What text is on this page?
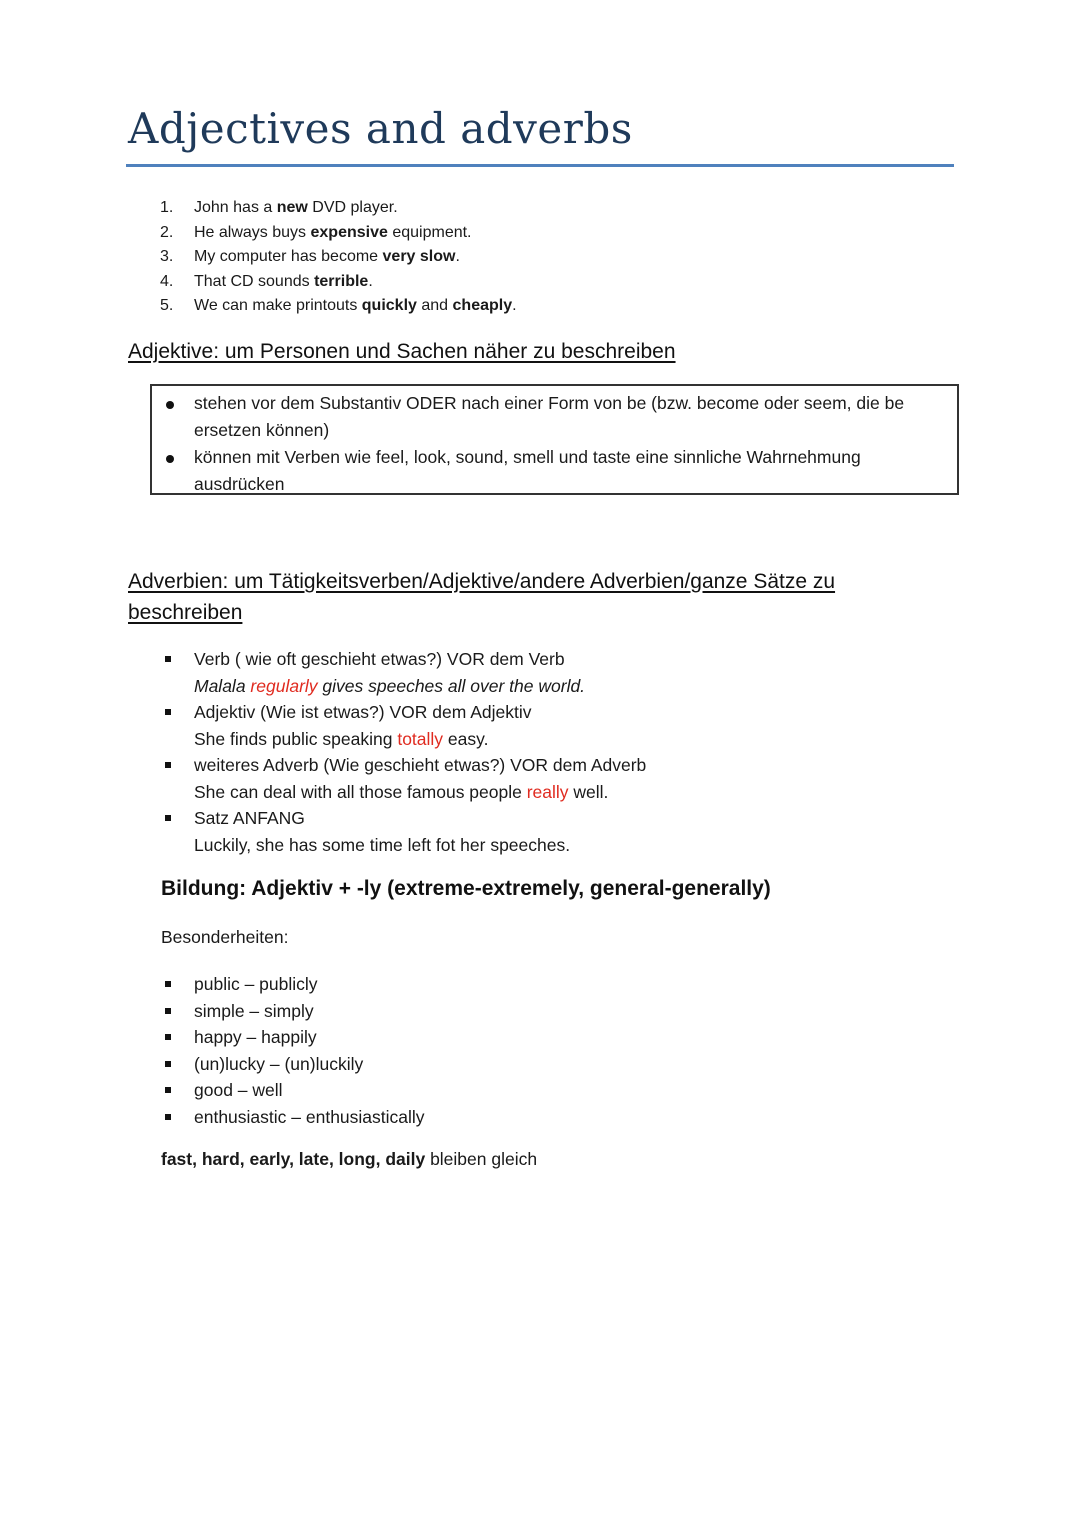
Adjectives and adverbs
1.	John has a new DVD player.
2.	He always buys expensive equipment.
3.	My computer has become very slow.
4.	That CD sounds terrible.
5.	We can make printouts quickly and cheaply.
Adjektive: um Personen und Sachen näher zu beschreiben
stehen vor dem Substantiv ODER nach einer Form von be (bzw. become oder seem, die be ersetzen können)
können mit Verben wie feel, look, sound, smell und taste eine sinnliche Wahrnehmung ausdrücken
Adverbien: um Tätigkeitsverben/Adjektive/andere Adverbien/ganze Sätze zu
beschreiben
Verb ( wie oft geschieht etwas?) VOR dem Verb
Malala regularly gives speeches all over the world.
Adjektiv (Wie ist etwas?) VOR dem Adjektiv
She finds public speaking totally easy.
weiteres Adverb (Wie geschieht etwas?) VOR dem Adverb
She can deal with all those famous people really well.
Satz ANFANG
Luckily, she has some time left fot her speeches.

Bildung: Adjektiv + -ly (extreme-extremely, general-generally)

Besonderheiten:

public – publicly
simple – simply
happy – happily
(un)lucky – (un)luckily
good – well
enthusiastic – enthusiastically

fast, hard, early, late, long, daily bleiben gleich
